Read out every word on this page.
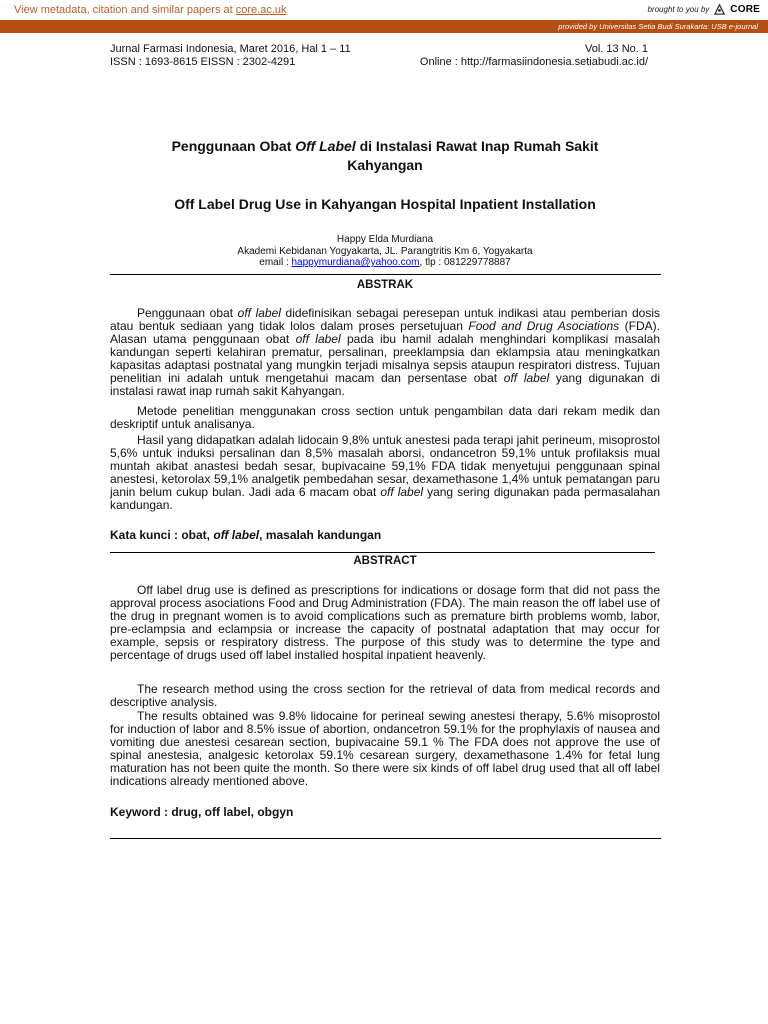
View metadata, citation and similar papers at core.ac.uk	brought to you by CORE
provided by Universitas Setia Budi Surakarta: USB e-journal
Jurnal Farmasi Indonesia, Maret 2016, Hal 1 – 11
ISSN : 1693-8615 EISSN : 2302-4291
Vol. 13 No. 1
Online : http://farmasiindonesia.setiabudi.ac.id/
Penggunaan Obat Off Label di Instalasi Rawat Inap Rumah Sakit
Kahyangan
Off Label Drug Use in Kahyangan Hospital Inpatient Installation
Happy Elda Murdiana
Akademi Kebidanan Yogyakarta, JL. Parangtritis Km 6, Yogyakarta
email : happymurdiana@yahoo.com, tlp : 081229778887
ABSTRAK

Penggunaan obat off label didefinisikan sebagai peresepan untuk indikasi atau pemberian dosis atau bentuk sediaan yang tidak lolos dalam proses persetujuan Food and Drug Asociations (FDA). Alasan utama penggunaan obat off label pada ibu hamil adalah menghindari komplikasi masalah kandungan seperti kelahiran prematur, persalinan, preeklampsia dan eklampsia atau meningkatkan kapasitas adaptasi postnatal yang mungkin terjadi misalnya sepsis ataupun respiratori distress. Tujuan penelitian ini adalah untuk mengetahui macam dan persentase obat off label yang digunakan di instalasi rawat inap rumah sakit Kahyangan.

Metode penelitian menggunakan cross section untuk pengambilan data dari rekam medik dan deskriptif untuk analisanya.

Hasil yang didapatkan adalah lidocain 9,8% untuk anestesi pada terapi jahit perineum, misoprostol 5,6% untuk induksi persalinan dan 8,5% masalah aborsi, ondancetron 59,1% untuk profilaksis mual muntah akibat anastesi bedah sesar, bupivacaine 59,1% FDA tidak menyetujui penggunaan spinal anestesi, ketorolax 59,1% analgetik pembedahan sesar, dexamethasone 1,4% untuk pematangan paru janin belum cukup bulan. Jadi ada 6 macam obat off label yang sering digunakan pada permasalahan kandungan.

Kata kunci : obat, off label, masalah kandungan
ABSTRACT

Off label drug use is defined as prescriptions for indications or dosage form that did not pass the approval process asociations Food and Drug Administration (FDA). The main reason the off label use of the drug in pregnant women is to avoid complications such as premature birth problems womb, labor, pre-eclampsia and eclampsia or increase the capacity of postnatal adaptation that may occur for example, sepsis or respiratory distress. The purpose of this study was to determine the type and percentage of drugs used off label installed hospital inpatient heavenly.

The research method using the cross section for the retrieval of data from medical records and descriptive analysis.

The results obtained was 9.8% lidocaine for perineal sewing anestesi therapy, 5.6% misoprostol for induction of labor and 8.5% issue of abortion, ondancetron 59.1% for the prophylaxis of nausea and vomiting due anestesi cesarean section, bupivacaine 59.1 % The FDA does not approve the use of spinal anestesia, analgesic ketorolax 59.1% cesarean surgery, dexamethasone 1.4% for fetal lung maturation has not been quite the month. So there were six kinds of off label drug used that all off label indications already mentioned above.

Keyword : drug, off label, obgyn
